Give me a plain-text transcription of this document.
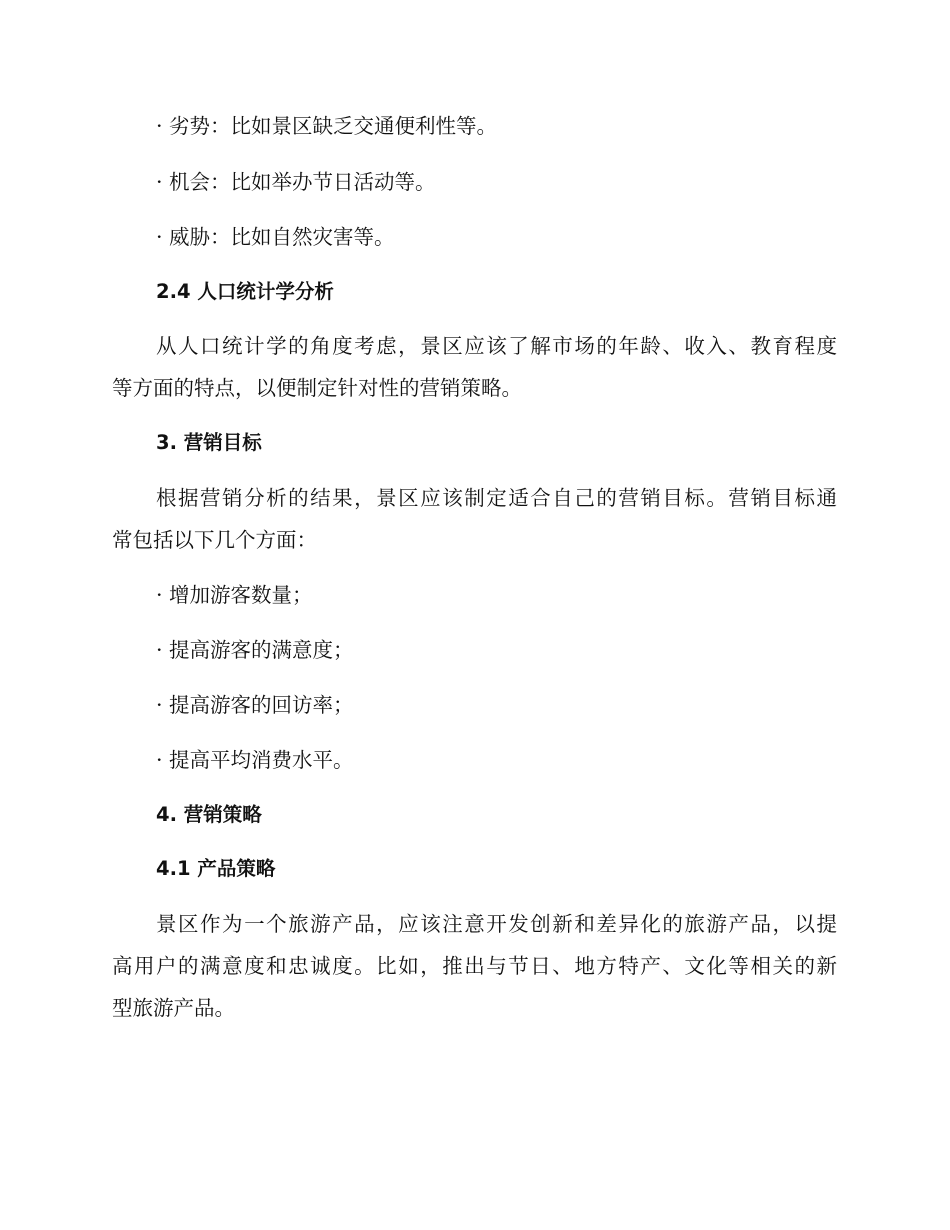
· 劣势：比如景区缺乏交通便利性等。
· 机会：比如举办节日活动等。
· 威胁：比如自然灾害等。
2.4 人口统计学分析
从人口统计学的角度考虑，景区应该了解市场的年龄、收入、教育程度
等方面的特点，以便制定针对性的营销策略。
3. 营销目标
根据营销分析的结果，景区应该制定适合自己的营销目标。营销目标通
常包括以下几个方面：
· 增加游客数量；
· 提高游客的满意度；
· 提高游客的回访率；
· 提高平均消费水平。
4. 营销策略
4.1 产品策略
景区作为一个旅游产品，应该注意开发创新和差异化的旅游产品，以提
高用户的满意度和忠诚度。比如，推出与节日、地方特产、文化等相关的新
型旅游产品。
